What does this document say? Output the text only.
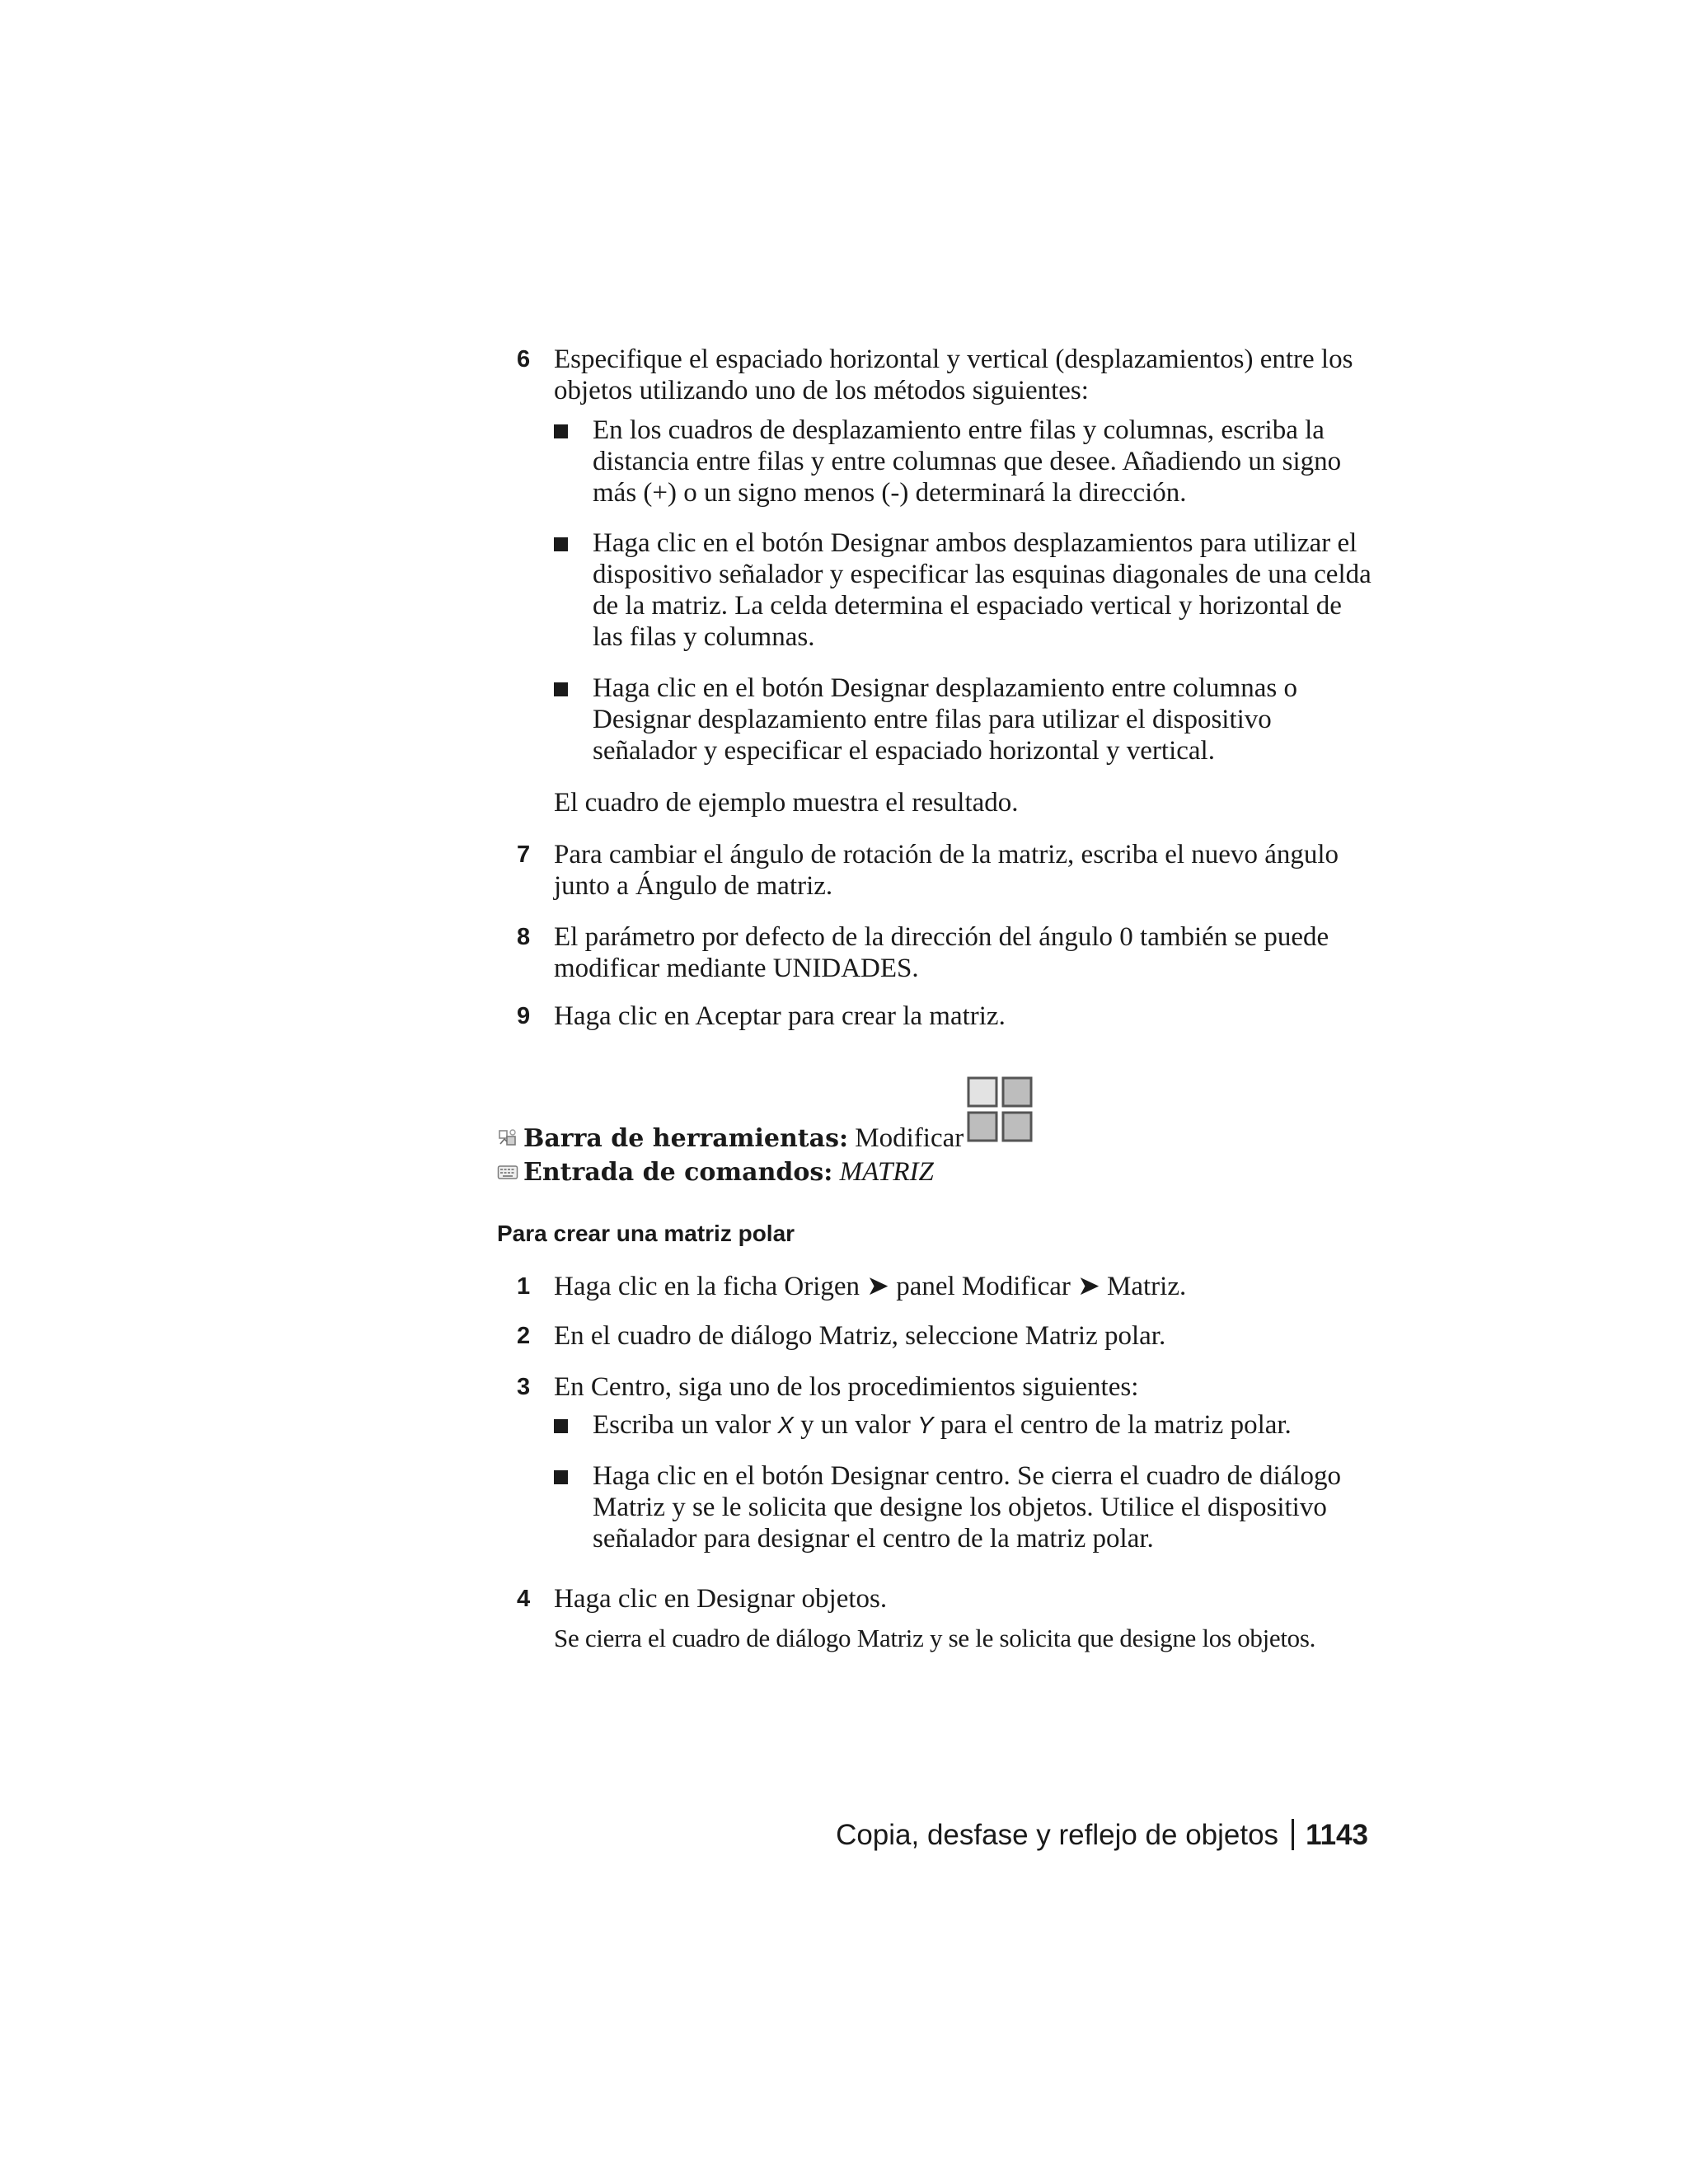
6 Especifique el espaciado horizontal y vertical (desplazamientos) entre los objetos utilizando uno de los métodos siguientes:
En los cuadros de desplazamiento entre filas y columnas, escriba la distancia entre filas y entre columnas que desee. Añadiendo un signo más (+) o un signo menos (-) determinará la dirección.
Haga clic en el botón Designar ambos desplazamientos para utilizar el dispositivo señalador y especificar las esquinas diagonales de una celda de la matriz. La celda determina el espaciado vertical y horizontal de las filas y columnas.
Haga clic en el botón Designar desplazamiento entre columnas o Designar desplazamiento entre filas para utilizar el dispositivo señalador y especificar el espaciado horizontal y vertical.
El cuadro de ejemplo muestra el resultado.
7 Para cambiar el ángulo de rotación de la matriz, escriba el nuevo ángulo junto a Ángulo de matriz.
8 El parámetro por defecto de la dirección del ángulo 0 también se puede modificar mediante UNIDADES.
9 Haga clic en Aceptar para crear la matriz.
Barra de herramientas: Modificar
Entrada de comandos: MATRIZ
Para crear una matriz polar
1 Haga clic en la ficha Origen ➤ panel Modificar ➤ Matriz.
2 En el cuadro de diálogo Matriz, seleccione Matriz polar.
3 En Centro, siga uno de los procedimientos siguientes:
Escriba un valor X y un valor Y para el centro de la matriz polar.
Haga clic en el botón Designar centro. Se cierra el cuadro de diálogo Matriz y se le solicita que designe los objetos. Utilice el dispositivo señalador para designar el centro de la matriz polar.
4 Haga clic en Designar objetos.
Se cierra el cuadro de diálogo Matriz y se le solicita que designe los objetos.
Copia, desfase y reflejo de objetos 1143
